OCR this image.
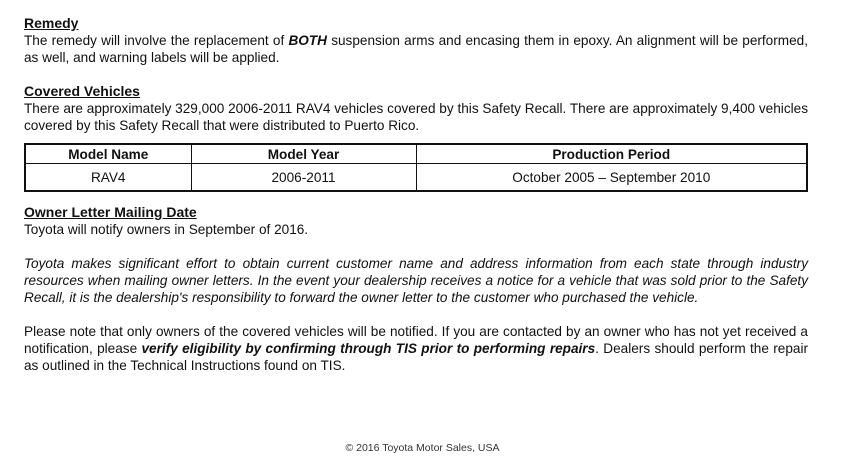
Remedy

The remedy will involve the replacement of BOTH suspension arms and encasing them in epoxy. An alignment will be performed, as well, and warning labels will be applied.

Covered Vehicles

There are approximately 329,000 2006-2011 RAV4 vehicles covered by this Safety Recall. There are approximately 9,400 vehicles covered by this Safety Recall that were distributed to Puerto Rico.

Model Name	Model Year	Production Period
RAV4	2006-2011	October 2005 – September 2010
Owner Letter Mailing Date

Toyota will notify owners in September of 2016.

Toyota makes significant effort to obtain current customer name and address information from each state through industry resources when mailing owner letters. In the event your dealership receives a notice for a vehicle that was sold prior to the Safety Recall, it is the dealership's responsibility to forward the owner letter to the customer who purchased the vehicle.

Please note that only owners of the covered vehicles will be notified. If you are contacted by an owner who has not yet received a notification, please verify eligibility by confirming through TIS prior to performing repairs. Dealers should perform the repair as outlined in the Technical Instructions found on TIS.

© 2016 Toyota Motor Sales, USA
